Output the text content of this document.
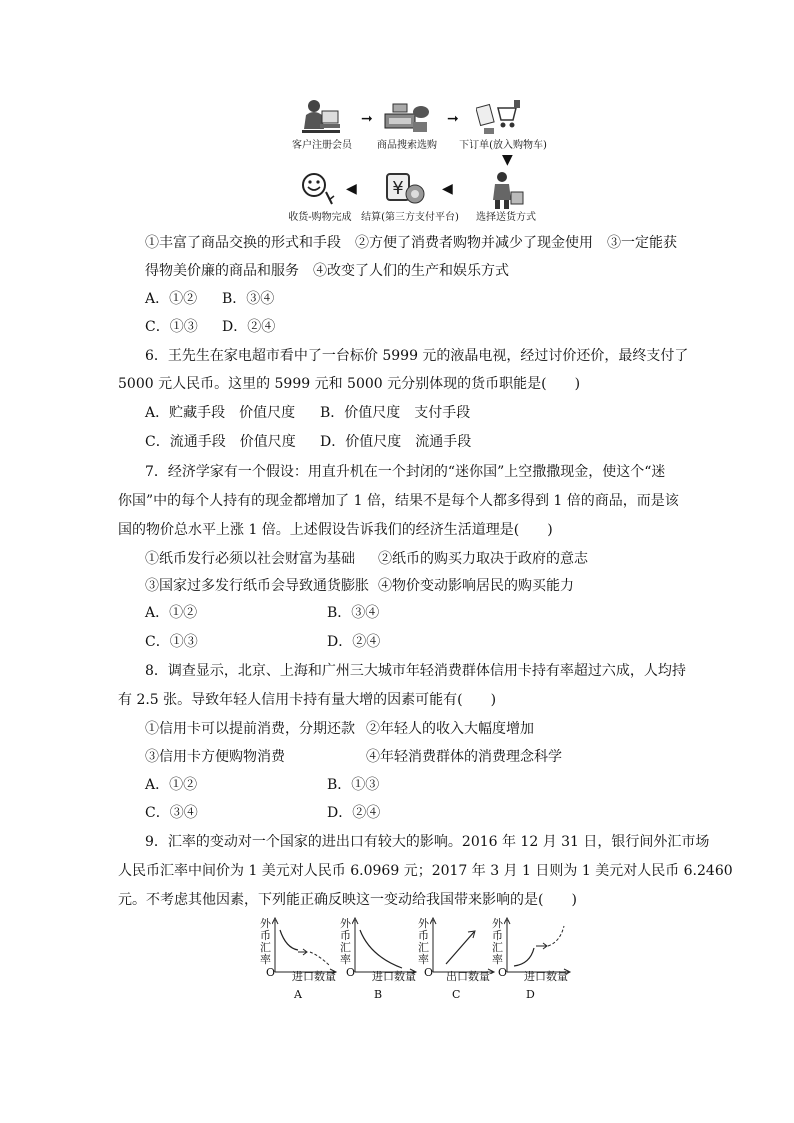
¥
➞	➞
▼
◀
◀
客户注册会员	商品搜索选购	下订单(放入购物车)
选择送货方式
结算(第三方支付平台)
收货-购物完成
①丰富了商品交换的形式和手段　②方便了消费者购物并减少了现金使用　③一定能获
得物美价廉的商品和服务　④改变了人们的生产和娱乐方式
A．①② B．③④
C．①③ D．②④
6．王先生在家电超市看中了一台标价 5999 元的液晶电视，经过讨价还价，最终支付了
5000 元人民币。这里的 5999 元和 5000 元分别体现的货币职能是(　　)
A．贮藏手段　价值尺度 B．价值尺度　支付手段
C．流通手段　价值尺度 D．价值尺度　流通手段
7．经济学家有一个假设：用直升机在一个封闭的“迷你国”上空撒撒现金，使这个“迷
你国”中的每个人持有的现金都增加了 1 倍，结果不是每个人都多得到 1 倍的商品，而是该
国的物价总水平上涨 1 倍。上述假设告诉我们的经济生活道理是(　　)
①纸币发行必须以社会财富为基础 ②纸币的购买力取决于政府的意志
③国家过多发行纸币会导致通货膨胀 ④物价变动影响居民的购买能力
A．①②	B．③④
C．①③	D．②④
8．调查显示，北京、上海和广州三大城市年轻消费群体信用卡持有率超过六成，人均持
有 2.5 张。导致年轻人信用卡持有量大增的因素可能有(　　)
①信用卡可以提前消费，分期还款 ②年轻人的收入大幅度增加
③信用卡方便购物消费	④年轻消费群体的消费理念科学
A．①②	B．①③
C．③④	D．②④
9．汇率的变动对一个国家的进出口有较大的影响。2016 年 12 月 31 日，银行间外汇市场
人民币汇率中间价为 1 美元对人民币 6.0969 元；2017 年 3 月 1 日则为 1 美元对人民币 6.2460
元。不考虑其他因素，下列能正确反映这一变动给我国带来影响的是(　　)
外币汇率
O 进口数量
A
外币汇率
O 进口数量
B
外币汇率
O 出口数量
C
外币汇率
O 进口数量
D
